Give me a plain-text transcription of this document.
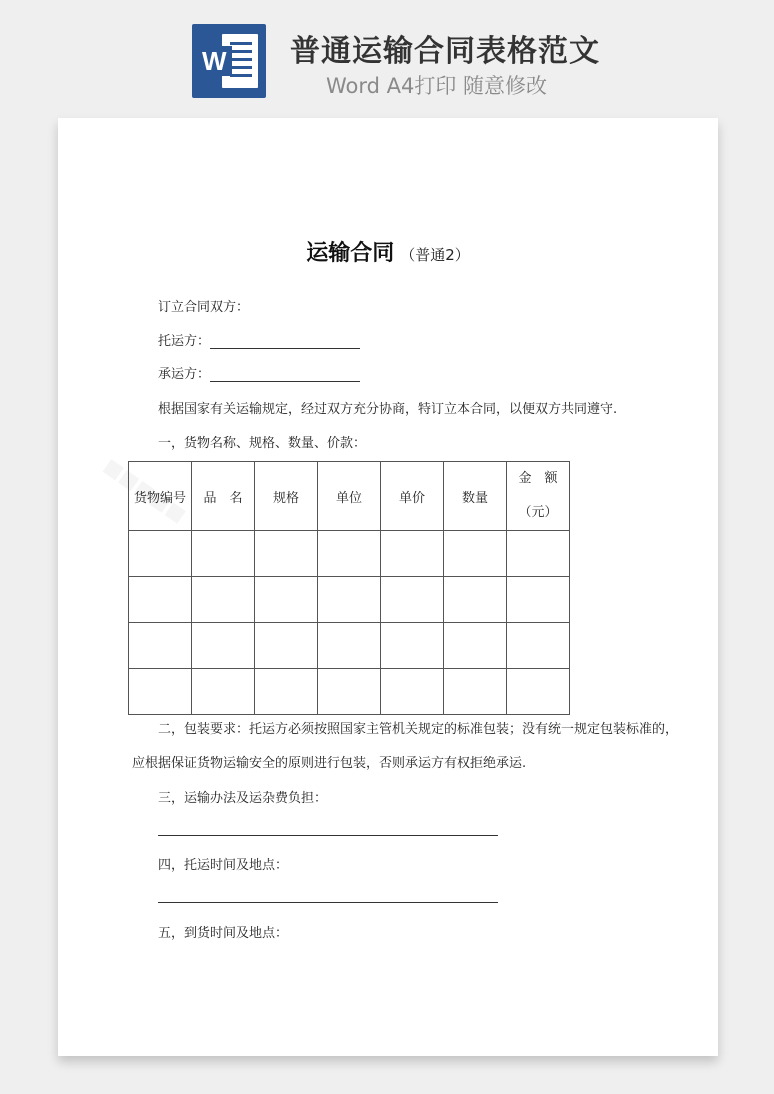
W 普通运输合同表格范文
Word A4打印 随意修改
运输合同 （普通2）
订立合同双方：
托运方：
承运方：
根据国家有关运输规定，经过双方充分协商，特订立本合同，以便双方共同遵守.
一，货物名称、规格、数量、价款：
货物编号	品　名	规格	单位	单价	数量	金　额
（元）

二，包装要求：托运方必须按照国家主管机关规定的标准包装；没有统一规定包装标准的，
应根据保证货物运输安全的原则进行包装，否则承运方有权拒绝承运.
三，运输办法及运杂费负担：
四，托运时间及地点：
五，到货时间及地点：
